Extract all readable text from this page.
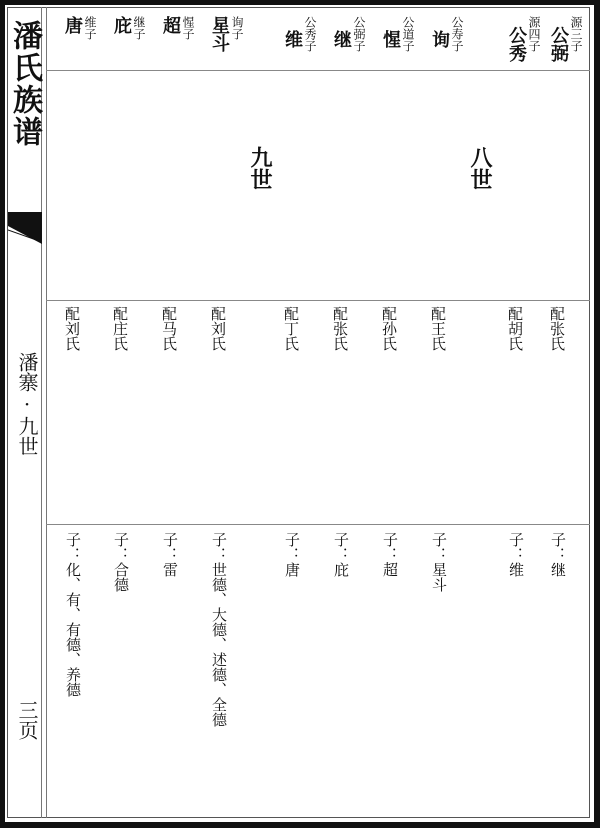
潘氏族谱
潘寨·九世
三页
九世	八世
唐 维子
配刘氏
子：化、有、有德、养德
庇 继子
配庄氏
子：合德
超 惺子
配马氏
子：雷
星斗 询子
配刘氏
子：世德、大德、述德、全德
维 公秀子
配丁氏
子：唐
继 公弼子
配张氏
子：庇
惺 公道子
配孙氏
子：超
询 公寿子
配王氏
子：星斗
公秀 源四子
配胡氏
子：维
公弼 源三子
配张氏
子：继
